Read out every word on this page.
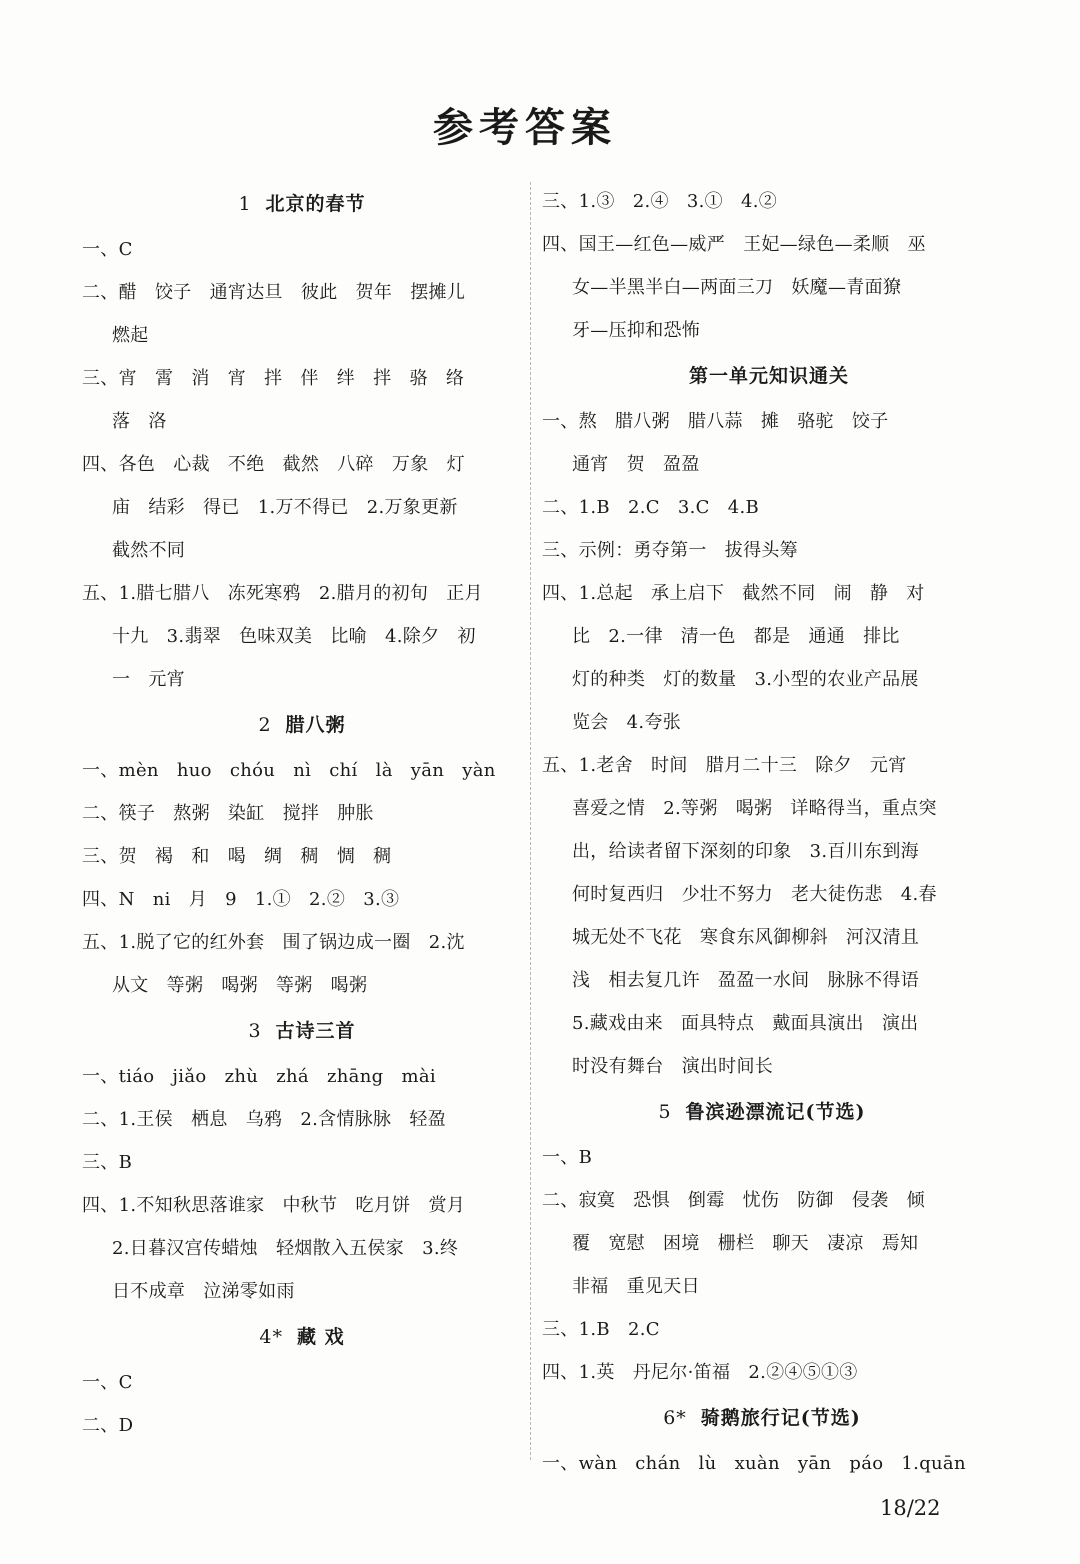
参考答案
1 北京的春节
一、C
二、醋   饺子   通宵达旦   彼此   贺年   摆摊儿
燃起
三、宵   霄   消   宵   拌   伴   绊   拌   骆   络
落   洛
四、各色   心裁   不绝   截然   八碎   万象   灯
庙   结彩   得已   1.万不得已   2.万象更新
截然不同
五、1.腊七腊八   冻死寒鸦   2.腊月的初旬   正月
十九   3.翡翠   色味双美   比喻   4.除夕   初
一   元宵
2 腊八粥
一、mèn   huo   chóu   nì   chí   là   yān   yàn
二、筷子   熬粥   染缸   搅拌   肿胀
三、贺   褐   和   喝   绸   稠   惆   稠
四、N   ni   月   9   1.①   2.②   3.③
五、1.脱了它的红外套   围了锅边成一圈   2.沈
从文   等粥   喝粥   等粥   喝粥
3 古诗三首
一、tiáo   jiǎo   zhù   zhá   zhāng   mài
二、1.王侯   栖息   乌鸦   2.含情脉脉   轻盈
三、B
四、1.不知秋思落谁家   中秋节   吃月饼   赏月
2.日暮汉宫传蜡烛   轻烟散入五侯家   3.终
日不成章   泣涕零如雨
4* 藏 戏
一、C
二、D
三、1.③   2.④   3.①   4.②
四、国王—红色—威严   王妃—绿色—柔顺   巫
女—半黑半白—两面三刀   妖魔—青面獠
牙—压抑和恐怖
第一单元知识通关
一、熬   腊八粥   腊八蒜   摊   骆驼   饺子
通宵   贺   盈盈
二、1.B   2.C   3.C   4.B
三、示例：勇夺第一   拔得头筹
四、1.总起   承上启下   截然不同   闹   静   对
比   2.一律   清一色   都是   通通   排比
灯的种类   灯的数量   3.小型的农业产品展
览会   4.夸张
五、1.老舍   时间   腊月二十三   除夕   元宵
喜爱之情   2.等粥   喝粥   详略得当，重点突
出，给读者留下深刻的印象   3.百川东到海
何时复西归   少壮不努力   老大徒伤悲   4.春
城无处不飞花   寒食东风御柳斜   河汉清且
浅   相去复几许   盈盈一水间   脉脉不得语
5.藏戏由来   面具特点   戴面具演出   演出
时没有舞台   演出时间长
5 鲁滨逊漂流记(节选)
一、B
二、寂寞   恐惧   倒霉   忧伤   防御   侵袭   倾
覆   宽慰   困境   栅栏   聊天   凄凉   焉知
非福   重见天日
三、1.B   2.C
四、1.英   丹尼尔·笛福   2.②④⑤①③
6* 骑鹅旅行记(节选)
一、wàn   chán   lù   xuàn   yān   páo   1.quān
18/22
